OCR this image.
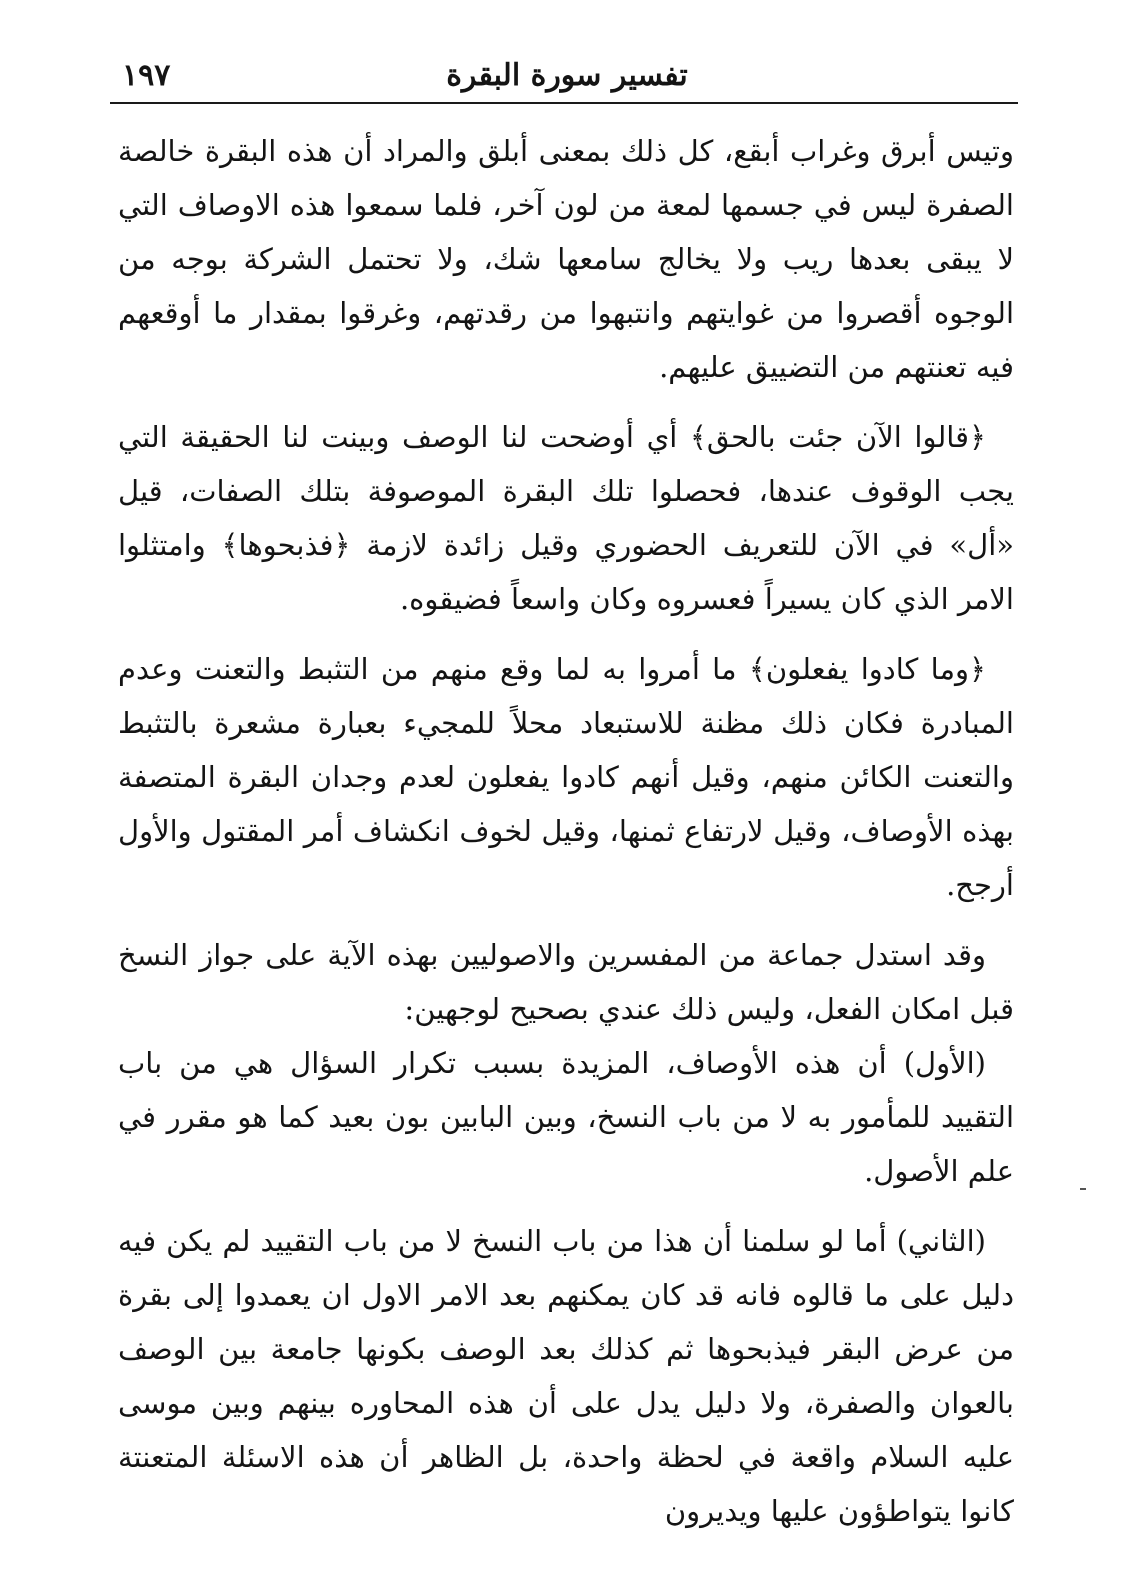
تفسير سورة البقرة
١٩٧

وتيس أبرق وغراب أبقع، كل ذلك بمعنى أبلق والمراد أن هذه البقرة خالصة الصفرة ليس في جسمها لمعة من لون آخر، فلما سمعوا هذه الاوصاف التي لا يبقى بعدها ريب ولا يخالج سامعها شك، ولا تحتمل الشركة بوجه من الوجوه أقصروا من غوايتهم وانتبهوا من رقدتهم، وغرقوا بمقدار ما أوقعهم فيه تعنتهم من التضييق عليهم.

﴿قالوا الآن جئت بالحق﴾ أي أوضحت لنا الوصف وبينت لنا الحقيقة التي يجب الوقوف عندها، فحصلوا تلك البقرة الموصوفة بتلك الصفات، قيل «أل» في الآن للتعريف الحضوري وقيل زائدة لازمة ﴿فذبحوها﴾ وامتثلوا الامر الذي كان يسيراً فعسروه وكان واسعاً فضيقوه.

﴿وما كادوا يفعلون﴾ ما أمروا به لما وقع منهم من التثبط والتعنت وعدم المبادرة فكان ذلك مظنة للاستبعاد محلاً للمجيء بعبارة مشعرة بالتثبط والتعنت الكائن منهم، وقيل أنهم كادوا يفعلون لعدم وجدان البقرة المتصفة بهذه الأوصاف، وقيل لارتفاع ثمنها، وقيل لخوف انكشاف أمر المقتول والأول أرجح.

وقد استدل جماعة من المفسرين والاصوليين بهذه الآية على جواز النسخ قبل امكان الفعل، وليس ذلك عندي بصحيح لوجهين:

(الأول) أن هذه الأوصاف، المزيدة بسبب تكرار السؤال هي من باب التقييد للمأمور به لا من باب النسخ، وبين البابين بون بعيد كما هو مقرر في علم الأصول.

(الثاني) أما لو سلمنا أن هذا من باب النسخ لا من باب التقييد لم يكن فيه دليل على ما قالوه فانه قد كان يمكنهم بعد الامر الاول ان يعمدوا إلى بقرة من عرض البقر فيذبحوها ثم كذلك بعد الوصف بكونها جامعة بين الوصف بالعوان والصفرة، ولا دليل يدل على أن هذه المحاوره بينهم وبين موسى عليه السلام واقعة في لحظة واحدة، بل الظاهر أن هذه الاسئلة المتعنتة كانوا يتواطؤون عليها ويديرون
